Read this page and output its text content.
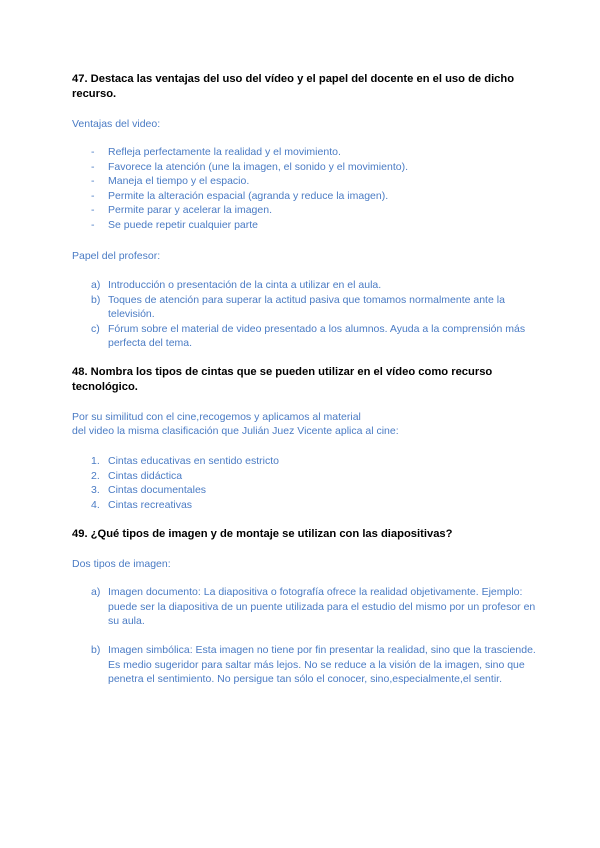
47. Destaca las ventajas del uso del vídeo y el papel del docente en el uso de dicho recurso.
Ventajas del video:
- Refleja perfectamente la realidad y el movimiento.
- Favorece la atención (une la imagen, el sonido y el movimiento).
- Maneja el tiempo y el espacio.
- Permite la alteración espacial (agranda y reduce la imagen).
- Permite parar y acelerar la imagen.
- Se puede repetir cualquier parte
Papel del profesor:
a) Introducción o presentación de la cinta a utilizar en el aula.
b) Toques de atención para superar la actitud pasiva que tomamos normalmente ante la televisión.
c) Fórum sobre el material de video presentado a los alumnos. Ayuda a la comprensión más perfecta del tema.
48. Nombra los tipos de cintas que se pueden utilizar en el vídeo como recurso tecnológico.
Por su similitud con el cine,recogemos y aplicamos al material
del video la misma clasificación que Julián Juez Vicente aplica al cine:
1. Cintas educativas en sentido estricto
2. Cintas didáctica
3. Cintas documentales
4. Cintas recreativas
49. ¿Qué tipos de imagen y de montaje se utilizan con las diapositivas?
Dos tipos de imagen:
a) Imagen documento: La diapositiva o fotografía ofrece la realidad objetivamente. Ejemplo: puede ser la diapositiva de un puente utilizada para el estudio del mismo por un profesor en su aula.
b) Imagen simbólica: Esta imagen no tiene por fin presentar la realidad, sino que la trasciende. Es medio sugeridor para saltar más lejos. No se reduce a la visión de la imagen, sino que penetra el sentimiento. No persigue tan sólo el conocer, sino,especialmente,el sentir.
